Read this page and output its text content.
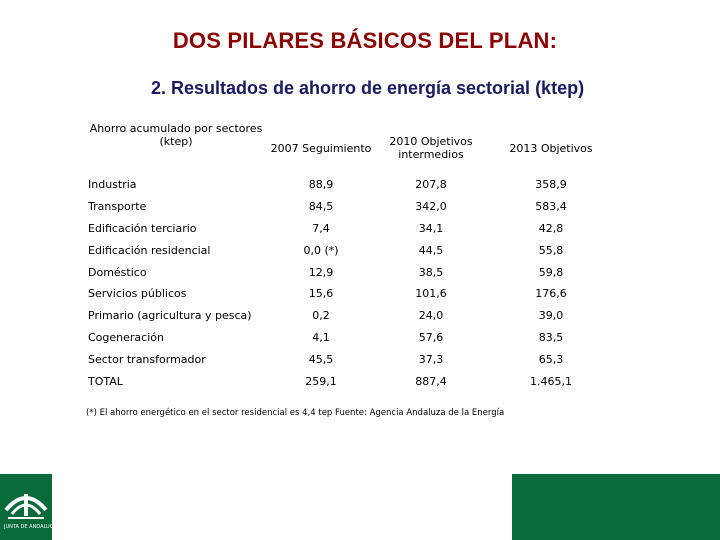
DOS PILARES BÁSICOS DEL PLAN:
2. Resultados de ahorro de energía sectorial (ktep)
Ahorro acumulado por sectores (ktep)	2007 Seguimiento	2010 Objetivos intermedios	2013 Objetivos
Industria	88,9	207,8	358,9
Transporte	84,5	342,0	583,4
Edificación terciario	7,4	34,1	42,8
Edificación residencial	0,0 (*)	44,5	55,8
Doméstico	12,9	38,5	59,8
Servicios públicos	15,6	101,6	176,6
Primario (agricultura y pesca)	0,2	24,0	39,0
Cogeneración	4,1	57,6	83,5
Sector transformador	45,5	37,3	65,3
TOTAL	259,1	887,4	1.465,1
(*) El ahorro energético en el sector residencial es 4,4 tep Fuente: Agencia Andaluza de la Energía
JUNTA DE ANDALUCIA
